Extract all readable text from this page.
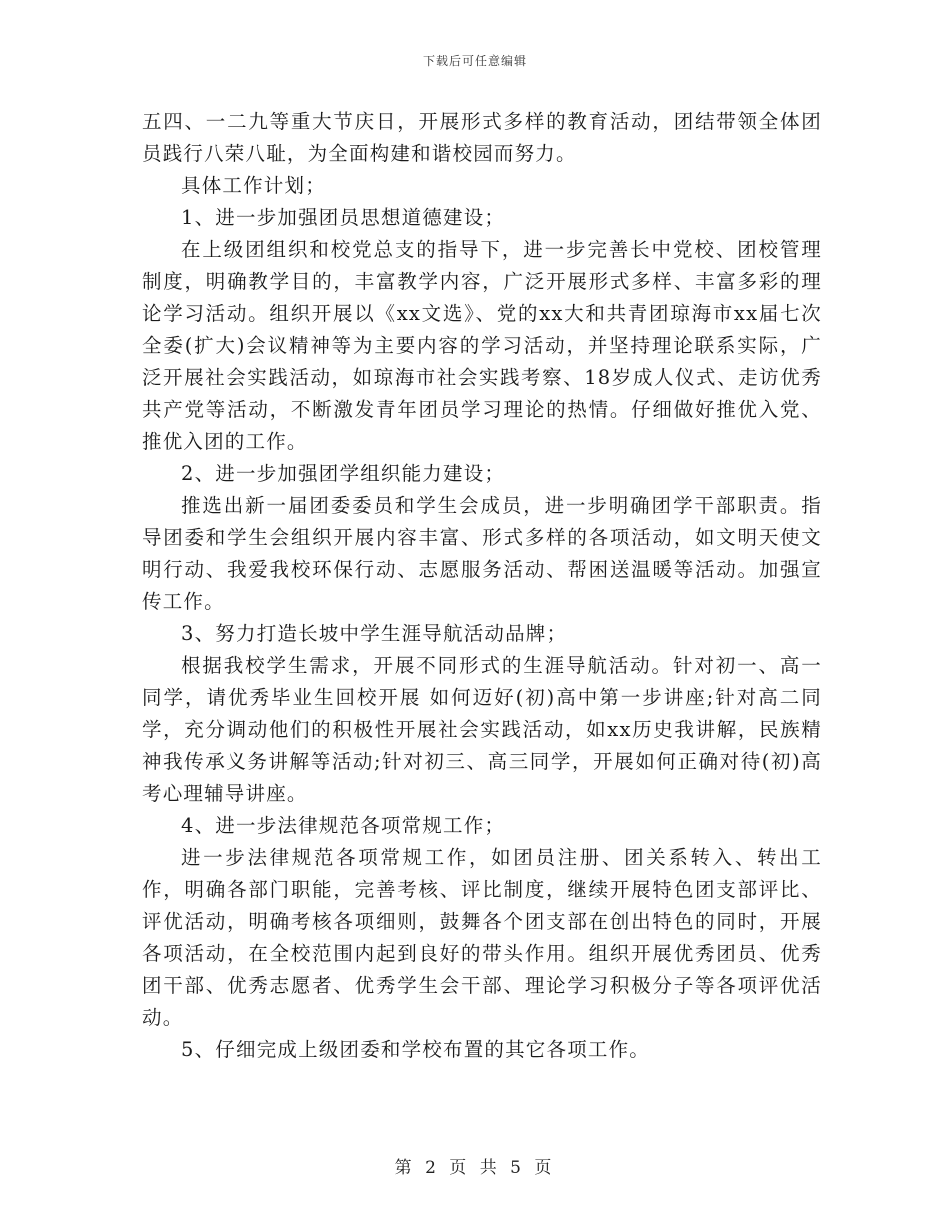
下载后可任意编辑

五四、一二九等重大节庆日，开展形式多样的教育活动，团结带领全体团员践行八荣八耻，为全面构建和谐校园而努力。

具体工作计划；

1、进一步加强团员思想道德建设；

在上级团组织和校党总支的指导下，进一步完善长中党校、团校管理制度，明确教学目的，丰富教学内容，广泛开展形式多样、丰富多彩的理论学习活动。组织开展以《xx文选》、党的xx大和共青团琼海市xx届七次全委(扩大)会议精神等为主要内容的学习活动，并坚持理论联系实际，广泛开展社会实践活动，如琼海市社会实践考察、18岁成人仪式、走访优秀共产党等活动，不断激发青年团员学习理论的热情。仔细做好推优入党、推优入团的工作。

2、进一步加强团学组织能力建设；

推选出新一届团委委员和学生会成员，进一步明确团学干部职责。指导团委和学生会组织开展内容丰富、形式多样的各项活动，如文明天使文明行动、我爱我校环保行动、志愿服务活动、帮困送温暖等活动。加强宣传工作。

3、努力打造长坡中学生涯导航活动品牌；

根据我校学生需求，开展不同形式的生涯导航活动。针对初一、高一同学，请优秀毕业生回校开展 如何迈好(初)高中第一步讲座;针对高二同学，充分调动他们的积极性开展社会实践活动，如xx历史我讲解，民族精神我传承义务讲解等活动;针对初三、高三同学，开展如何正确对待(初)高考心理辅导讲座。

4、进一步法律规范各项常规工作；

进一步法律规范各项常规工作，如团员注册、团关系转入、转出工作，明确各部门职能，完善考核、评比制度，继续开展特色团支部评比、评优活动，明确考核各项细则，鼓舞各个团支部在创出特色的同时，开展各项活动，在全校范围内起到良好的带头作用。组织开展优秀团员、优秀团干部、优秀志愿者、优秀学生会干部、理论学习积极分子等各项评优活动。

5、仔细完成上级团委和学校布置的其它各项工作。

第 2 页 共 5 页
